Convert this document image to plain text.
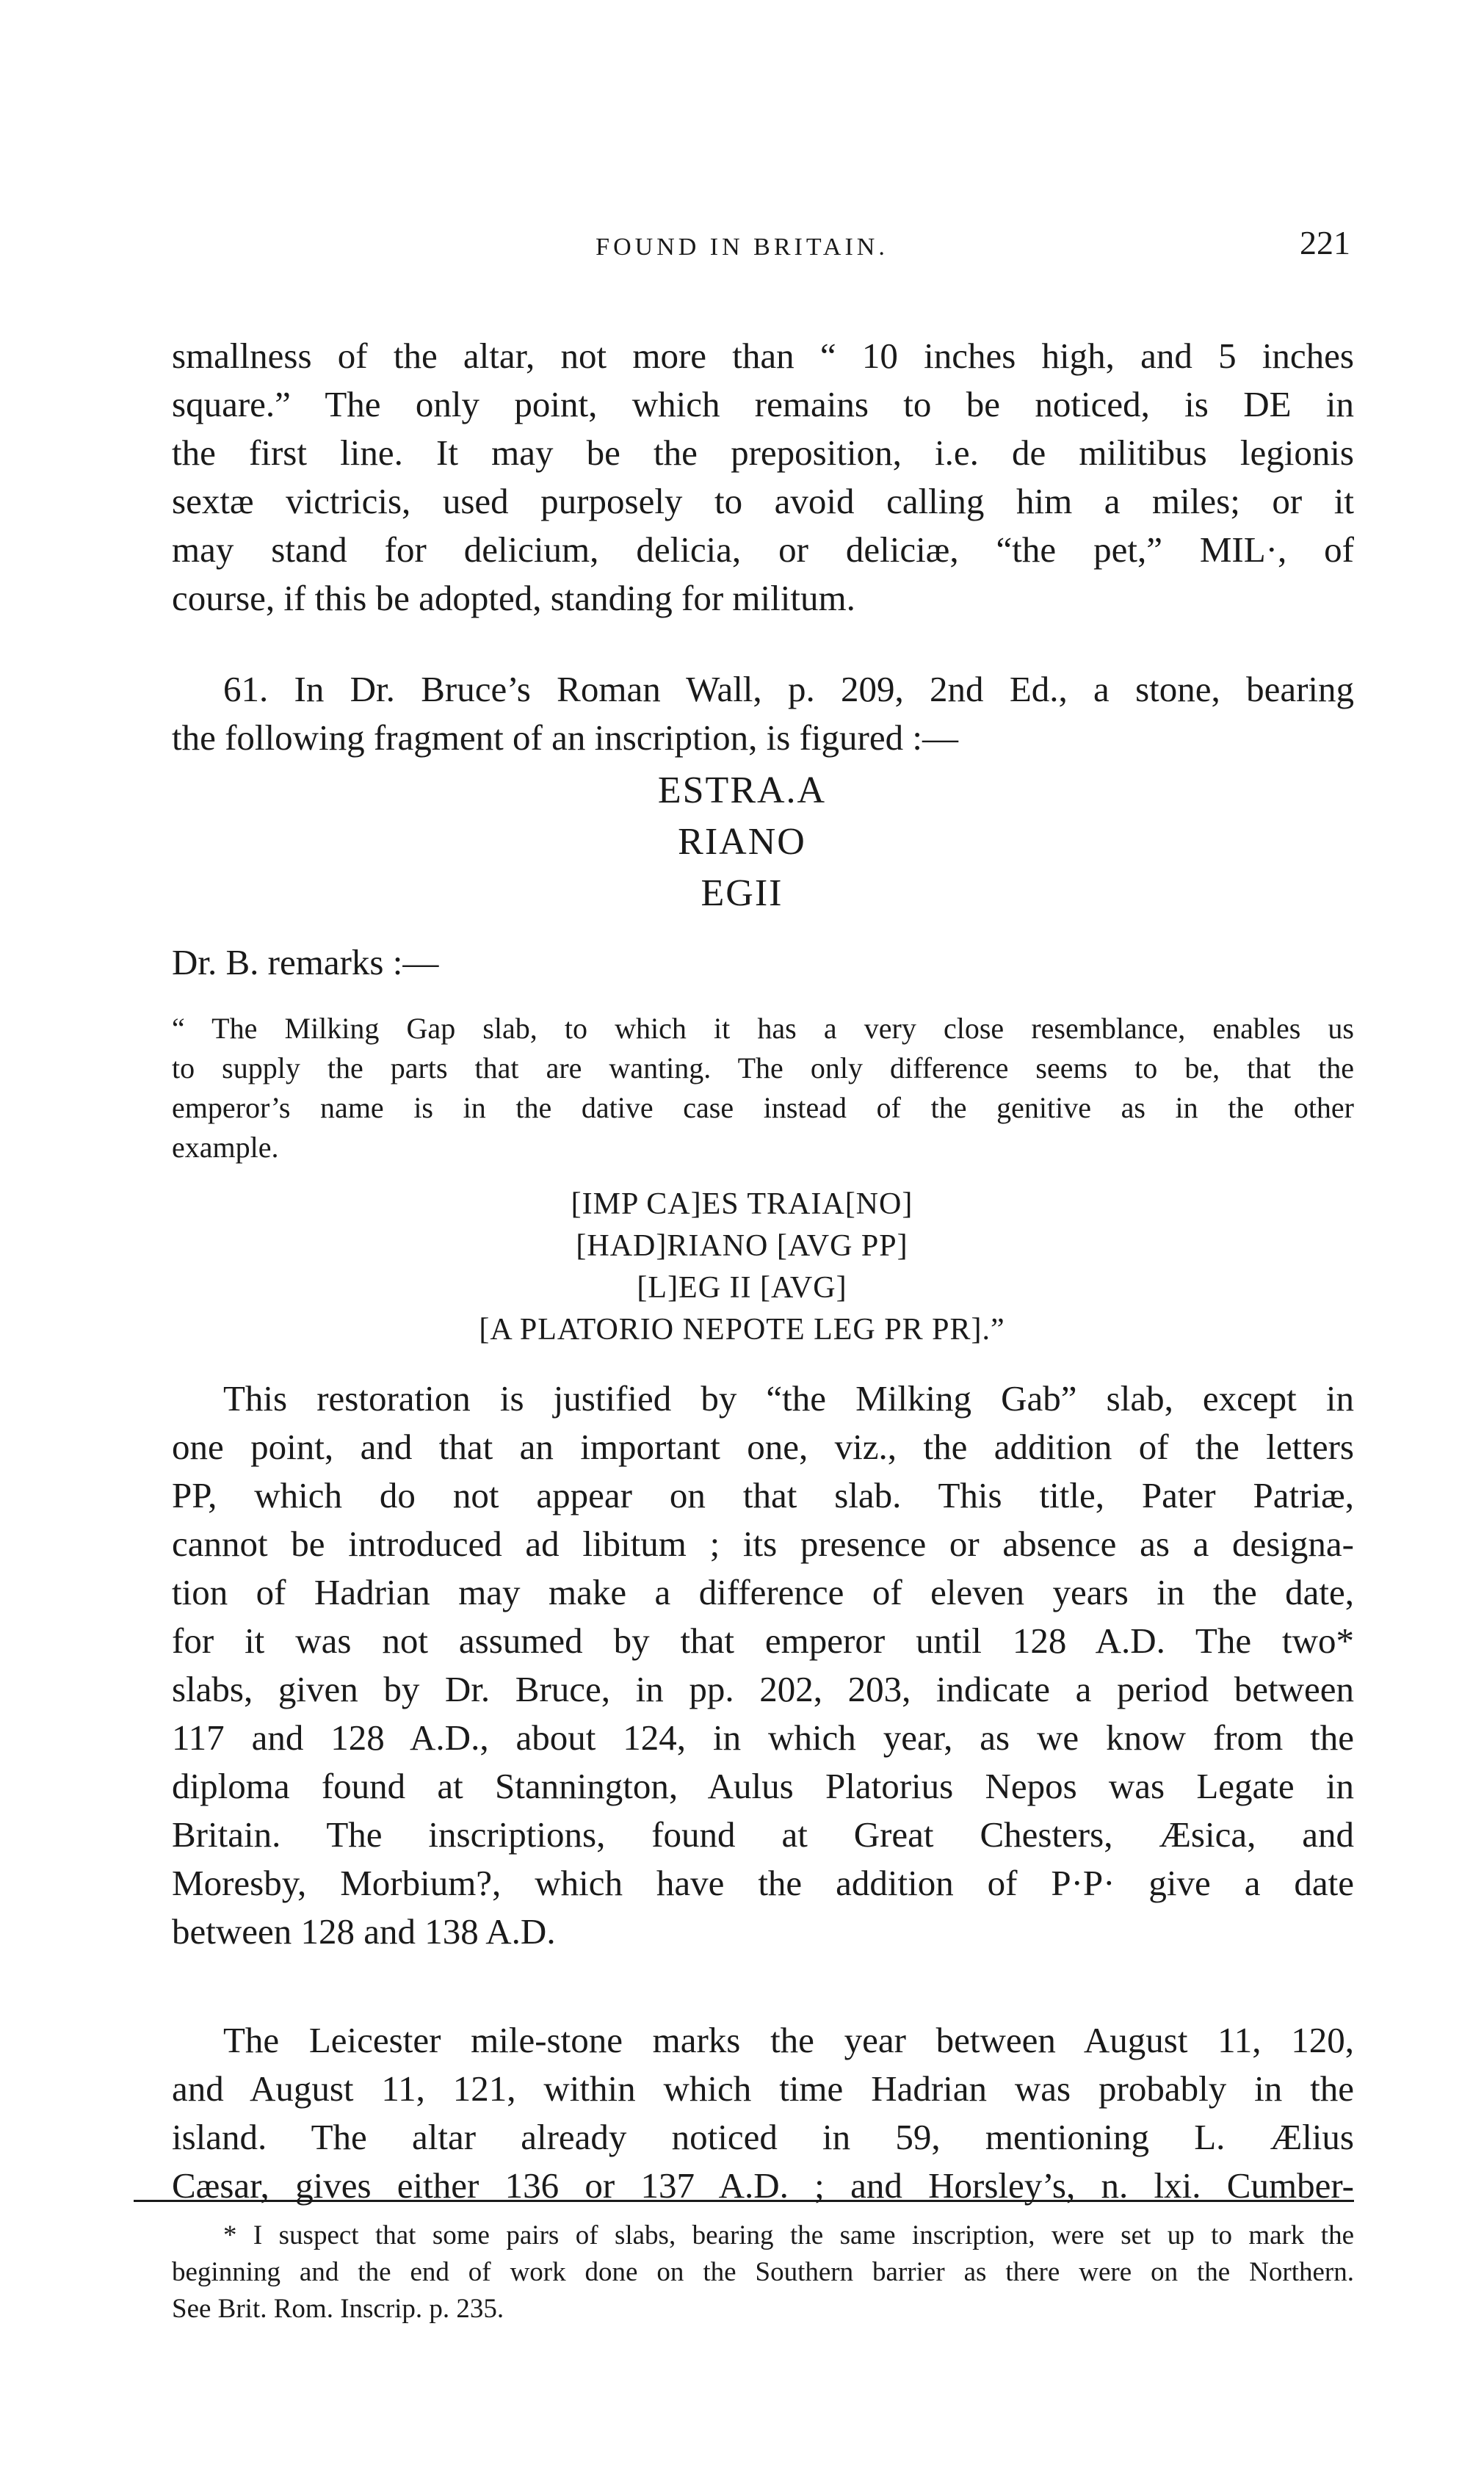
FOUND IN BRITAIN.	221
smallness of the altar, not more than “ 10 inches high, and 5 inches
square.” The only point, which remains to be noticed, is DE in
the first line. It may be the preposition, i.e. de militibus legionis
sextæ victricis, used purposely to avoid calling him a miles; or it
may stand for delicium, delicia, or deliciæ, “the pet,” MIL·, of
course, if this be adopted, standing for militum.
61. In Dr. Bruce’s Roman Wall, p. 209, 2nd Ed., a stone, bearing
the following fragment of an inscription, is figured :—
ESTRA.A
RIANO
EGII

Dr. B. remarks :—

“ The Milking Gap slab, to which it has a very close resemblance, enables us
to supply the parts that are wanting. The only difference seems to be, that the
emperor’s name is in the dative case instead of the genitive as in the other
example.
[IMP CA]ES TRAIA[NO]
[HAD]RIANO [AVG PP]
[L]EG II [AVG]
[A PLATORIO NEPOTE LEG PR PR].”
This restoration is justified by “the Milking Gab” slab, except in
one point, and that an important one, viz., the addition of the letters
PP, which do not appear on that slab. This title, Pater Patriæ,
cannot be introduced ad libitum ; its presence or absence as a designa-
tion of Hadrian may make a difference of eleven years in the date,
for it was not assumed by that emperor until 128 A.D. The two*
slabs, given by Dr. Bruce, in pp. 202, 203, indicate a period between
117 and 128 A.D., about 124, in which year, as we know from the
diploma found at Stannington, Aulus Platorius Nepos was Legate in
Britain. The inscriptions, found at Great Chesters, Æsica, and
Moresby, Morbium?, which have the addition of P·P· give a date
between 128 and 138 A.D.
The Leicester mile-stone marks the year between August 11, 120,
and August 11, 121, within which time Hadrian was probably in the
island. The altar already noticed in 59, mentioning L. Ælius
Cæsar, gives either 136 or 137 A.D. ; and Horsley’s, n. lxi. Cumber-
* I suspect that some pairs of slabs, bearing the same inscription, were set up to mark the
beginning and the end of work done on the Southern barrier as there were on the Northern.
See Brit. Rom. Inscrip. p. 235.
